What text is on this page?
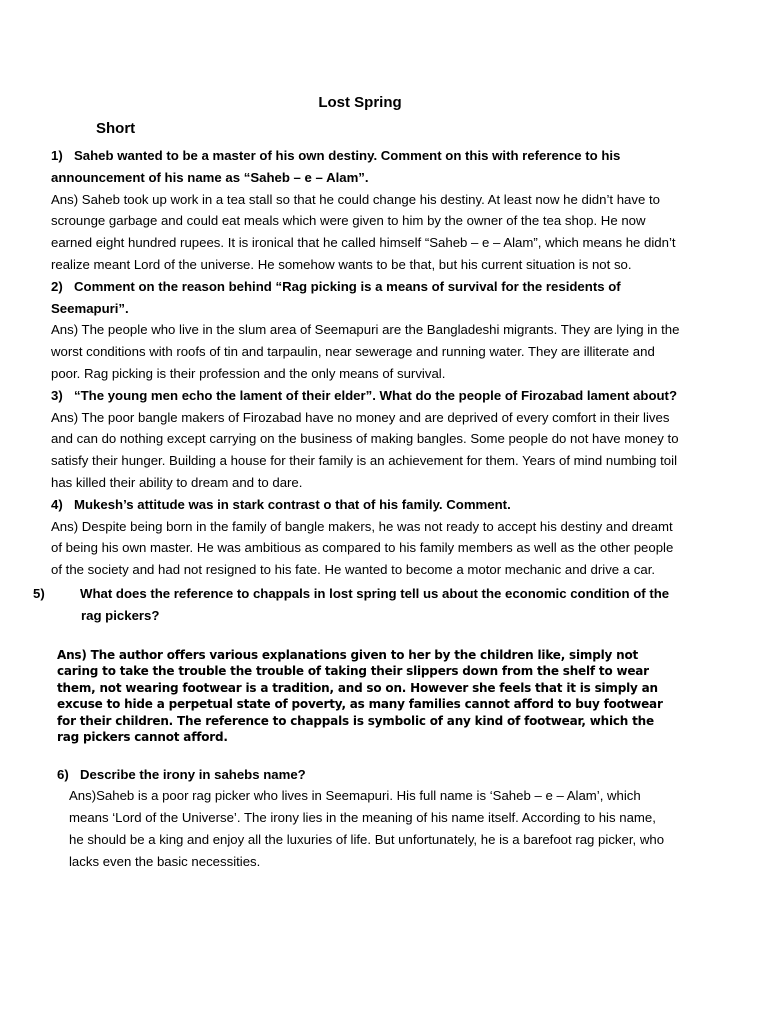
Lost Spring
Short

1) Saheb wanted to be a master of his own destiny. Comment on this with reference to his announcement of his name as “Saheb – e – Alam”.

Ans) Saheb took up work in a tea stall so that he could change his destiny. At least now he didn’t have to scrounge garbage and could eat meals which were given to him by the owner of the tea shop. He now earned eight hundred rupees. It is ironical that he called himself “Saheb – e – Alam”, which means he didn’t realize meant Lord of the universe. He somehow wants to be that, but his current situation is not so.

2) Comment on the reason behind “Rag picking is a means of survival for the residents of Seemapuri”.

Ans) The people who live in the slum area of Seemapuri are the Bangladeshi migrants. They are lying in the worst conditions with roofs of tin and tarpaulin, near sewerage and running water. They are illiterate and poor. Rag picking is their profession and the only means of survival.

3) “The young men echo the lament of their elder”. What do the people of Firozabad lament about?

Ans) The poor bangle makers of Firozabad have no money and are deprived of every comfort in their lives and can do nothing except carrying on the business of making bangles. Some people do not have money to satisfy their hunger. Building a house for their family is an achievement for them. Years of mind numbing toil has killed their ability to dream and to dare.

4) Mukesh’s attitude was in stark contrast o that of his family. Comment.

Ans) Despite being born in the family of bangle makers, he was not ready to accept his destiny and dreamt of being his own master. He was ambitious as compared to his family members as well as the other people of the society and had not resigned to his fate. He wanted to become a motor mechanic and drive a car.

5)	What does the reference to chappals in lost spring tell us about the economic condition of the rag pickers?

Ans) The author offers various explanations given to her by the children like, simply not caring to take the trouble the trouble of taking their slippers down from the shelf to wear them, not wearing footwear is a tradition, and so on. However she feels that it is simply an excuse to hide a perpetual state of poverty, as many families cannot afford to buy footwear for their children. The reference to chappals is symbolic of any kind of footwear, which the rag pickers cannot afford.

6) Describe the irony in sahebs name?

Ans)Saheb is a poor rag picker who lives in Seemapuri. His full name is ‘Saheb – e – Alam’, which means ‘Lord of the Universe’. The irony lies in the meaning of his name itself. According to his name, he should be a king and enjoy all the luxuries of life. But unfortunately, he is a barefoot rag picker, who lacks even the basic necessities.
